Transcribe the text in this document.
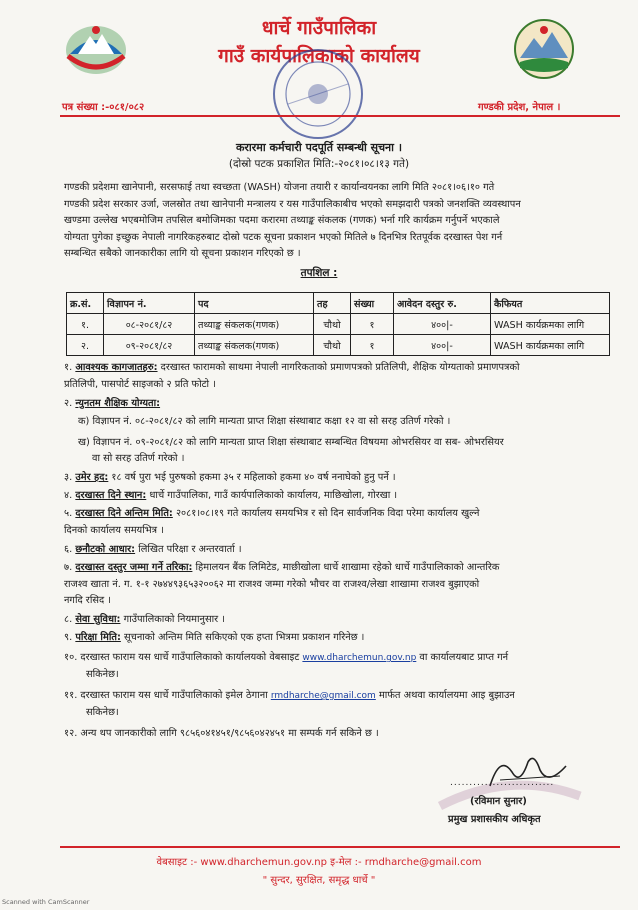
धार्चे गाउँपालिका
गाउँ कार्यपालिकाको कार्यालय
पत्र संख्या :-०८१/०८२	गण्डकी प्रदेश, नेपाल ।
करारमा कर्मचारी पदपूर्ति सम्बन्धी सूचना ।
(दोस्रो पटक प्रकाशित मिति:-२०८१।०८।१३ गते)
गण्डकी प्रदेशमा खानेपानी, सरसफाई तथा स्वच्छता (WASH) योजना तयारी र कार्यान्वयनका लागि मिति २०८१।०६।१० गते
गण्डकी प्रदेश सरकार उर्जा, जलस्रोत तथा खानेपानी मन्त्रालय र यस गाउँपालिकाबीच भएको समझदारी पत्रको जनशक्ति व्यवस्थापन
खण्डमा उल्लेख भएबमोजिम तपसिल बमोजिमका पदमा करारमा तथ्याङ्क संकलक (गणक) भर्ना गरि कार्यक्रम गर्नुपर्ने भएकाले
योग्यता पुगेका इच्छुक नेपाली नागरिकहरुबाट दोस्रो पटक सूचना प्रकाशन भएको मितिले ७ दिनभित्र रितपूर्वक दरखास्त पेश गर्न
सम्बन्धित सबैको जानकारीका लागि यो सूचना प्रकाशन गरिएको छ ।
तपशिल :
क्र.सं.	विज्ञापन नं.	पद	तह	संख्या	आवेदन दस्तुर रु.	कैफियत
१.	०८-२०८१/८२	तथ्याङ्क संकलक(गणक)	चौथो	१	४००|-	WASH कार्यक्रमका लागि
२.	०९-२०८१/८२	तथ्याङ्क संकलक(गणक)	चौथो	१	४००|-	WASH कार्यक्रमका लागि
१. आवश्यक कागजातहरु: दरखास्त फारामको साथमा नेपाली नागरिकताको प्रमाणपत्रको प्रतिलिपी, शैक्षिक योग्यताको प्रमाणपत्रको
प्रतिलिपी, पासपोर्ट साइजको २ प्रति फोटो ।
२. न्युनतम शैक्षिक योग्यता:
क) विज्ञापन नं. ०८-२०८१/८२ को लागि मान्यता प्राप्त शिक्षा संस्थाबाट कक्षा १२ वा सो सरह उतिर्ण गरेको ।
ख) विज्ञापन नं. ०९-२०८१/८२ को लागि मान्यता प्राप्त शिक्षा संस्थाबाट सम्बन्धित विषयमा ओभरसियर वा सब- ओभरसियर
वा सो सरह उतिर्ण गरेको ।
३. उमेर हद: १८ वर्ष पुरा भई पुरुषको हकमा ३५ र महिलाको हकमा ४० वर्ष ननाघेको हुनु पर्ने ।
४. दरखास्त दिने स्थान: धार्चे गाउँपालिका, गाउँ कार्यपालिकाको कार्यालय, माछिखोला, गोरखा ।
५. दरखास्त दिने अन्तिम मिति: २०८१।०८।१९ गते कार्यालय समयभित्र र सो दिन सार्वजनिक विदा परेमा कार्यालय खुल्ने
दिनको कार्यालय समयभित्र ।
६. छनौटको आधार: लिखित परिक्षा र अन्तरवार्ता ।
७. दरखास्त दस्तुर जम्मा गर्ने तरिका: हिमालयन बैंक लिमिटेड, माछीखोला धार्चे शाखामा रहेको धार्चे गाउँपालिकाको आन्तरिक
राजश्व खाता नं. ग. १-१ २७४४९३६५३२००६२ मा राजश्व जम्मा गरेको भौचर वा राजश्व/लेखा शाखामा राजश्व बुझाएको
नगदि रसिद ।
८. सेवा सुविधा: गाउँपालिकाको नियमानुसार ।
९. परिक्षा मिति: सूचनाको अन्तिम मिति सकिएको एक हप्ता भित्रमा प्रकाशन गरिनेछ ।
१०. दरखास्त फाराम यस धार्चे गाउँपालिकाको कार्यालयको वेबसाइट www.dharchemun.gov.np वा कार्यालयबाट प्राप्त गर्न
सकिनेछ।
११. दरखास्त फाराम यस धार्चे गाउँपालिकाको इमेल ठेगाना rmdharche@gmail.com मार्फत अथवा कार्यालयमा आइ बुझाउन
सकिनेछ।
१२. अन्य थप जानकारीको लागि ९८५६०४१४५१/९८५६०४२४५१ मा सम्पर्क गर्न सकिने छ ।
...........................
(रविमान सुनार)
प्रमुख प्रशासकीय अधिकृत
वेबसाइट :- www.dharchemun.gov.np इ-मेल :- rmdharche@gmail.com
" सुन्दर, सुरक्षित, समृद्ध धार्चे "
Scanned with CamScanner
